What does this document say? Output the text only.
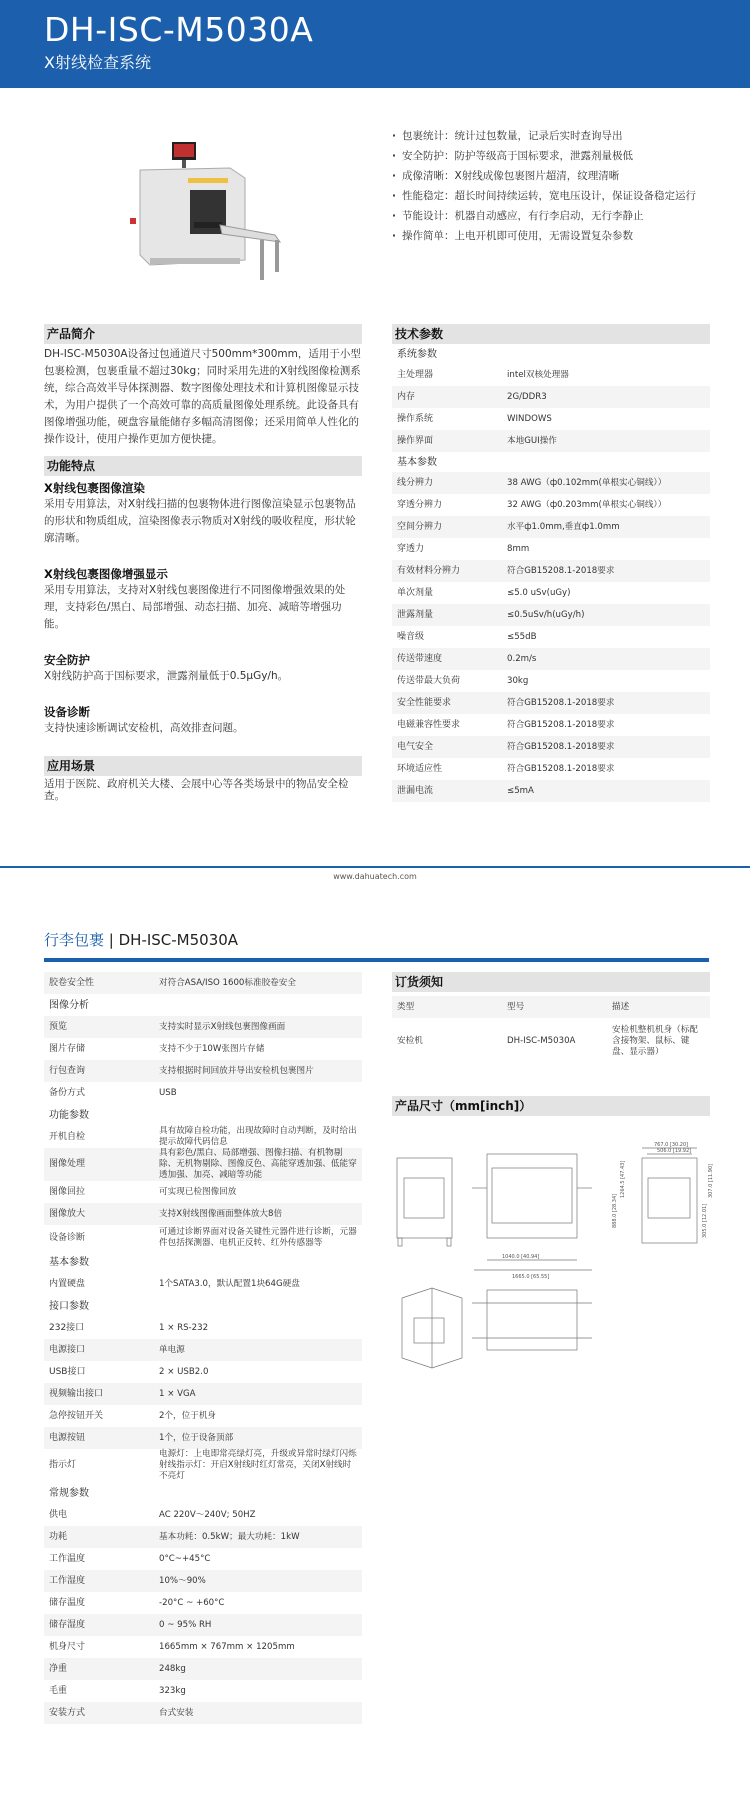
DH-ISC-M5030A
X射线检查系统
· 包裹统计：统计过包数量，记录后实时查询导出
· 安全防护：防护等级高于国标要求，泄露剂量极低
· 成像清晰：X射线成像包裹图片超清，纹理清晰
· 性能稳定：超长时间持续运转，宽电压设计，保证设备稳定运行
· 节能设计：机器自动感应，有行李启动，无行李静止
· 操作简单：上电开机即可使用，无需设置复杂参数
产品简介
DH-ISC-M5030A设备过包通道尺寸500mm*300mm，适用于小型包裹检测，包裹重量不超过30kg；同时采用先进的X射线图像检测系统，综合高效半导体探测器、数字图像处理技术和计算机图像显示技术，为用户提供了一个高效可靠的高质量图像处理系统。此设备具有图像增强功能，硬盘容量能储存多幅高清图像；还采用简单人性化的操作设计，使用户操作更加方便快捷。
功能特点
X射线包裹图像渲染
采用专用算法，对X射线扫描的包裹物体进行图像渲染显示包裹物品的形状和物质组成，渲染图像表示物质对X射线的吸收程度，形状轮廓清晰。
X射线包裹图像增强显示
采用专用算法，支持对X射线包裹图像进行不同图像增强效果的处理，支持彩色/黑白、局部增强、动态扫描、加亮、减暗等增强功能。
安全防护
X射线防护高于国标要求，泄露剂量低于0.5μGy/h。
设备诊断
支持快速诊断调试安检机，高效排查问题。
应用场景
适用于医院、政府机关大楼、会展中心等各类场景中的物品安全检查。
技术参数
系统参数	
主处理器	intel双核处理器
内存	2G/DDR3
操作系统	WINDOWS
操作界面	本地GUI操作
基本参数	
线分辨力	38 AWG（ф0.102mm(单根实心铜线））
穿透分辨力	32 AWG（ф0.203mm(单根实心铜线））
空间分辨力	水平ф1.0mm,垂直ф1.0mm
穿透力	8mm
有效材料分辨力	符合GB15208.1-2018要求
单次剂量	≤5.0 uSv(uGy)
泄露剂量	≤0.5uSv/h(uGy/h)
噪音级	≤55dB
传送带速度	0.2m/s
传送带最大负荷	30kg
安全性能要求	符合GB15208.1-2018要求
电磁兼容性要求	符合GB15208.1-2018要求
电气安全	符合GB15208.1-2018要求
环境适应性	符合GB15208.1-2018要求
泄漏电流	≤5mA
www.dahuatech.com
行李包裹 | DH-ISC-M5030A
胶卷安全性	对符合ASA/ISO 1600标准胶卷安全
图像分析	
预览	支持实时显示X射线包裹图像画面
图片存储	支持不少于10W张图片存储
行包查询	支持根据时间回放并导出安检机包裹图片
备份方式	USB
功能参数	
开机自检	具有故障自检功能，出现故障时自动判断，及时给出提示故障代码信息
图像处理	具有彩色/黑白、局部增强、图像扫描、有机物剔除、无机物剔除、图像反色、高能穿透加强、低能穿透加强、加亮、减暗等功能
图像回拉	可实现已检图像回放
图像放大	支持X射线图像画面整体放大8倍
设备诊断	可通过诊断界面对设备关键性元器件进行诊断，元器件包括探测器、电机正反转、红外传感器等
基本参数	
内置硬盘	1个SATA3.0，默认配置1块64G硬盘
接口参数	
232接口	1 × RS-232
电源接口	单电源
USB接口	2 × USB2.0
视频输出接口	1 × VGA
急停按钮开关	2个，位于机身
电源按钮	1个，位于设备顶部
指示灯	电源灯：上电即常亮绿灯亮，升级或异常时绿灯闪烁射线指示灯：开启X射线时红灯常亮，关闭X射线时不亮灯
常规参数	
供电	AC 220V～240V; 50HZ
功耗	基本功耗：0.5kW；最大功耗：1kW
工作温度	0°C~+45°C
工作湿度	10%～90%
储存温度	-20°C ~ +60°C
储存湿度	0 ~ 95% RH
机身尺寸	1665mm × 767mm × 1205mm
净重	248kg
毛重	323kg
安装方式	台式安装
订货须知
类型	型号	描述
安检机	DH-ISC-M5030A	安检机整机机身（标配含接物架、鼠标、键盘、显示器）
产品尺寸（mm[inch]）
1040.0 [40.94]
1665.0 [65.55]
767.0 [30.20]
506.0 [19.92]
1264.5 [47.43]
888.0 [28.34]	305.0 [12.01]
307.0 [11.90]
